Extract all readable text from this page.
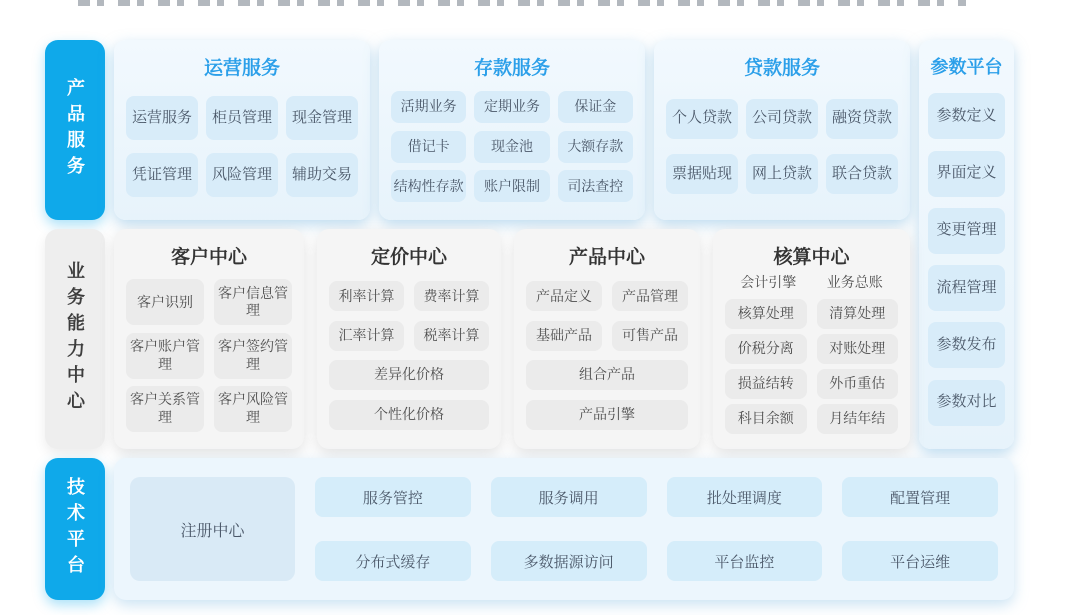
产品服务
运营服务
运营服务	柜员管理	现金管理
凭证管理	风险管理	辅助交易
存款服务
活期业务	定期业务	保证金
借记卡	现金池	大额存款
结构性存款	账户限制	司法查控
贷款服务
个人贷款	公司贷款	融资贷款
票据贴现	网上贷款	联合贷款
参数平台
参数定义
界面定义
变更管理
流程管理
参数发布
参数对比
业务能力中心
客户中心
客户识别
客户信息管理
客户账户管理
客户签约管理
客户关系管理
客户风险管理
定价中心
利率计算	费率计算
汇率计算	税率计算
差异化价格
个性化价格
产品中心
产品定义	产品管理
基础产品	可售产品
组合产品
产品引擎
核算中心
会计引擎	业务总账
核算处理	清算处理
价税分离	对账处理
损益结转	外币重估
科目余额	月结年结
技术平台	注册中心
服务管控
分布式缓存
服务调用
多数据源访问
批处理调度
平台监控
配置管理
平台运维
